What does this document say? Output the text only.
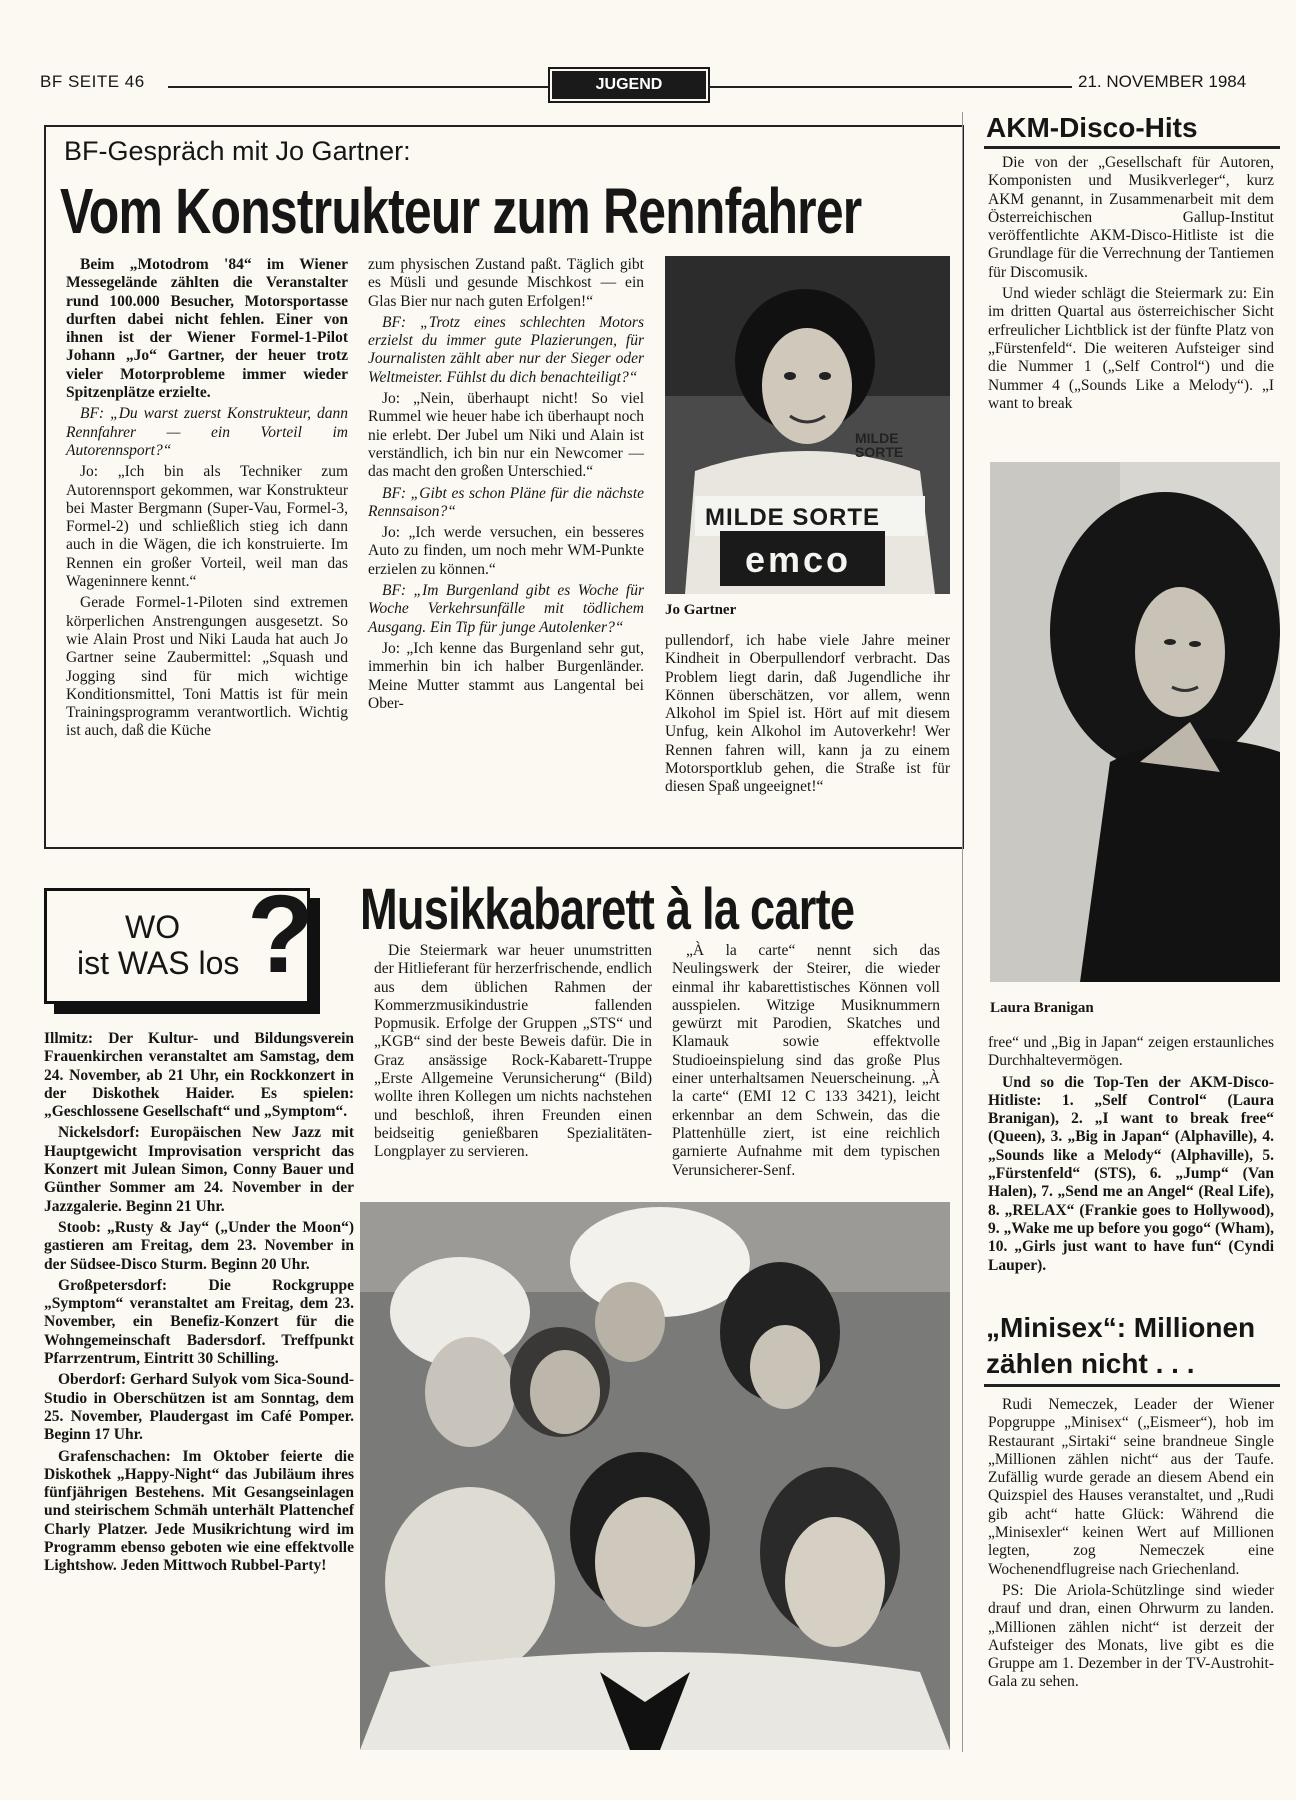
BF SEITE 46	JUGEND	21. NOVEMBER 1984
BF-Gespräch mit Jo Gartner:
Vom Konstrukteur zum Rennfahrer

Beim „Motodrom '84“ im Wiener Messegelände zählten die Veranstalter rund 100.000 Besucher, Motorsportasse durften dabei nicht fehlen. Einer von ihnen ist der Wiener Formel-1-Pilot Johann „Jo“ Gartner, der heuer trotz vieler Motorprobleme immer wieder Spitzenplätze erzielte.

BF: „Du warst zuerst Konstrukteur, dann Rennfahrer — ein Vorteil im Autorennsport?“

Jo: „Ich bin als Techniker zum Autorennsport gekommen, war Konstrukteur bei Master Bergmann (Super-Vau, Formel-3, Formel-2) und schließlich stieg ich dann auch in die Wägen, die ich konstruierte. Im Rennen ein großer Vorteil, weil man das Wageninnere kennt.“

Gerade Formel-1-Piloten sind extremen körperlichen Anstrengungen ausgesetzt. So wie Alain Prost und Niki Lauda hat auch Jo Gartner seine Zaubermittel: „Squash und Jogging sind für mich wichtige Konditionsmittel, Toni Mattis ist für mein Trainingsprogramm verantwortlich. Wichtig ist auch, daß die Küche

zum physischen Zustand paßt. Täglich gibt es Müsli und gesunde Mischkost — ein Glas Bier nur nach guten Erfolgen!“

BF: „Trotz eines schlechten Motors erzielst du immer gute Plazierungen, für Journalisten zählt aber nur der Sieger oder Weltmeister. Fühlst du dich benachteiligt?“

Jo: „Nein, überhaupt nicht! So viel Rummel wie heuer habe ich überhaupt noch nie erlebt. Der Jubel um Niki und Alain ist verständlich, ich bin nur ein Newcomer — das macht den großen Unterschied.“

BF: „Gibt es schon Pläne für die nächste Rennsaison?“

Jo: „Ich werde versuchen, ein besseres Auto zu finden, um noch mehr WM-Punkte erzielen zu können.“

BF: „Im Burgenland gibt es Woche für Woche Verkehrsunfälle mit tödlichem Ausgang. Ein Tip für junge Autolenker?“

Jo: „Ich kenne das Burgenland sehr gut, immerhin bin ich halber Burgenländer. Meine Mutter stammt aus Langental bei Ober-

MILDE
SORTE
MILDE SORTE
emco
Jo Gartner

pullendorf, ich habe viele Jahre meiner Kindheit in Oberpullendorf verbracht. Das Problem liegt darin, daß Jugendliche ihr Können überschätzen, vor allem, wenn Alkohol im Spiel ist. Hört auf mit diesem Unfug, kein Alkohol im Autoverkehr! Wer Rennen fahren will, kann ja zu einem Motorsportklub gehen, die Straße ist für diesen Spaß ungeeignet!“

AKM-Disco-Hits

Die von der „Gesellschaft für Autoren, Komponisten und Musikverleger“, kurz AKM genannt, in Zusammenarbeit mit dem Österreichischen Gallup-Institut veröffentlichte AKM-Disco-Hitliste ist die Grundlage für die Verrechnung der Tantiemen für Discomusik.

Und wieder schlägt die Steiermark zu: Ein im dritten Quartal aus österreichischer Sicht erfreulicher Lichtblick ist der fünfte Platz von „Fürstenfeld“. Die weiteren Aufsteiger sind die Nummer 1 („Self Control“) und die Nummer 4 („Sounds Like a Melody“). „I want to break

Laura Branigan

free“ und „Big in Japan“ zeigen erstaunliches Durchhaltevermögen.

Und so die Top-Ten der AKM-Disco-Hitliste: 1. „Self Control“ (Laura Branigan), 2. „I want to break free“ (Queen), 3. „Big in Japan“ (Alphaville), 4. „Sounds like a Melody“ (Alphaville), 5. „Fürstenfeld“ (STS), 6. „Jump“ (Van Halen), 7. „Send me an Angel“ (Real Life), 8. „RELAX“ (Frankie goes to Hollywood), 9. „Wake me up before you gogo“ (Wham), 10. „Girls just want to have fun“ (Cyndi Lauper).

„Minisex“: Millionen zählen nicht . . .

Rudi Nemeczek, Leader der Wiener Popgruppe „Minisex“ („Eismeer“), hob im Restaurant „Sirtaki“ seine brandneue Single „Millionen zählen nicht“ aus der Taufe. Zufällig wurde gerade an diesem Abend ein Quizspiel des Hauses veranstaltet, und „Rudi gib acht“ hatte Glück: Während die „Minisexler“ keinen Wert auf Millionen legten, zog Nemeczek eine Wochenendflugreise nach Griechenland.

PS: Die Ariola-Schützlinge sind wieder drauf und dran, einen Ohrwurm zu landen. „Millionen zählen nicht“ ist derzeit der Aufsteiger des Monats, live gibt es die Gruppe am 1. Dezember in der TV-Austrohit-Gala zu sehen.

WO
ist WAS los ?

Illmitz: Der Kultur- und Bildungsverein Frauenkirchen veranstaltet am Samstag, dem 24. November, ab 21 Uhr, ein Rockkonzert in der Diskothek Haider. Es spielen: „Geschlossene Gesellschaft“ und „Symptom“.

Nickelsdorf: Europäischen New Jazz mit Hauptgewicht Improvisation verspricht das Konzert mit Julean Simon, Conny Bauer und Günther Sommer am 24. November in der Jazzgalerie. Beginn 21 Uhr.

Stoob: „Rusty & Jay“ („Under the Moon“) gastieren am Freitag, dem 23. November in der Südsee-Disco Sturm. Beginn 20 Uhr.

Großpetersdorf:	Die Rockgruppe „Symptom“ veranstaltet am Freitag, dem 23. November, ein Benefiz-Konzert für die Wohngemeinschaft Badersdorf. Treffpunkt Pfarrzentrum, Eintritt 30 Schilling.

Oberdorf: Gerhard Sulyok vom Sica-Sound-Studio in Oberschützen ist am Sonntag, dem 25. November, Plaudergast im Café Pomper. Beginn 17 Uhr.

Grafenschachen: Im Oktober feierte die Diskothek „Happy-Night“ das Jubiläum ihres fünfjährigen Bestehens. Mit Gesangseinlagen und steirischem Schmäh unterhält Plattenchef Charly Platzer. Jede Musikrichtung wird im Programm ebenso geboten wie eine effektvolle Lightshow. Jeden Mittwoch Rubbel-Party!

Musikkabarett à la carte

Die Steiermark war heuer unumstritten der Hitlieferant für herzerfrischende, endlich aus dem üblichen Rahmen der Kommerzmusikindustrie fallenden Popmusik. Erfolge der Gruppen „STS“ und „KGB“ sind der beste Beweis dafür. Die in Graz ansässige Rock-Kabarett-Truppe „Erste Allgemeine Verunsicherung“ (Bild) wollte ihren Kollegen um nichts nachstehen und beschloß, ihren Freunden einen beidseitig genießbaren Spezialitäten-Longplayer zu servieren.

„À la carte“ nennt sich das Neulingswerk der Steirer, die wieder einmal ihr kabarettistisches Können voll ausspielen. Witzige Musiknummern gewürzt mit Parodien, Skatches und Klamauk sowie effektvolle Studioeinspielung sind das große Plus einer unterhaltsamen Neuerscheinung. „À la carte“ (EMI 12 C 133 3421), leicht erkennbar an dem Schwein, das die Plattenhülle ziert, ist eine reichlich garnierte Aufnahme mit dem typischen Verunsicherer-Senf.
